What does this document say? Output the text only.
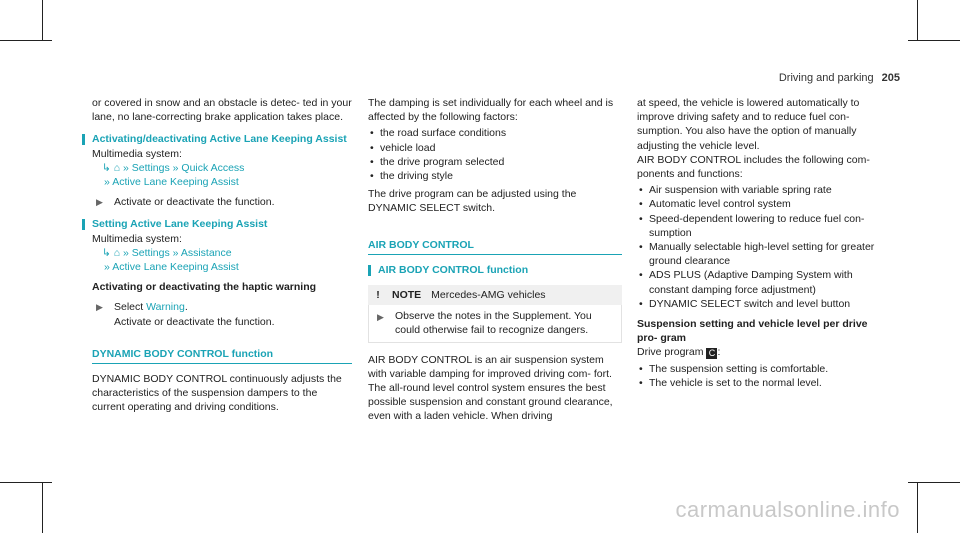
Driving and parking 205

or covered in snow and an obstacle is detec- ted in your lane, no lane-correcting brake application takes place.

Activating/deactivating Active Lane Keeping Assist

Multimedia system:

↳ ⌂ » Settings » Quick Access

» Active Lane Keeping Assist

▶ Activate or deactivate the function.

Setting Active Lane Keeping Assist

Multimedia system:

↳ ⌂ » Settings » Assistance

» Active Lane Keeping Assist

Activating or deactivating the haptic warning

▶ Select Warning.
Activate or deactivate the function.

DYNAMIC BODY CONTROL function

DYNAMIC BODY CONTROL continuously adjusts the characteristics of the suspension dampers to the current operating and driving conditions.

The damping is set individually for each wheel and is affected by the following factors:

• the road surface conditions
• vehicle load
• the drive program selected
• the driving style

The drive program can be adjusted using the DYNAMIC SELECT switch.

AIR BODY CONTROL

AIR BODY CONTROL function

! NOTE Mercedes-AMG vehicles
▶ Observe the notes in the Supplement. You could otherwise fail to recognize dangers.

AIR BODY CONTROL is an air suspension system with variable damping for improved driving com- fort. The all-round level control system ensures the best possible suspension and constant ground clearance, even with a laden vehicle. When driving

at speed, the vehicle is lowered automatically to improve driving safety and to reduce fuel con- sumption. You also have the option of manually adjusting the vehicle level.

AIR BODY CONTROL includes the following com- ponents and functions:

• Air suspension with variable spring rate
• Automatic level control system
• Speed-dependent lowering to reduce fuel con- sumption
• Manually selectable high-level setting for greater ground clearance
• ADS PLUS (Adaptive Damping System with constant damping force adjustment)
• DYNAMIC SELECT switch and level button

Suspension setting and vehicle level per drive pro- gram

Drive program C :

• The suspension setting is comfortable.
• The vehicle is set to the normal level.
carmanualsonline.info
